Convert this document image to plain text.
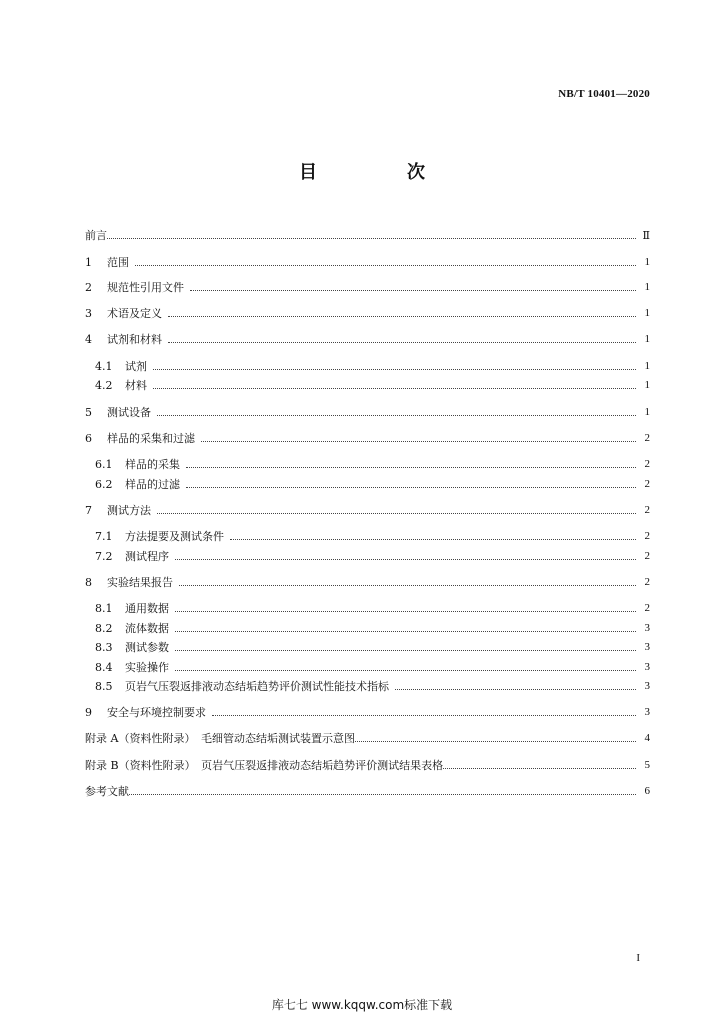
NB/T 10401—2020
目　次
前言	Ⅱ
1	范围	1
2	规范性引用文件	1
3	术语及定义	1
4	试剂和材料	1
4.1	试剂	1
4.2	材料	1
5	测试设备	1
6	样品的采集和过滤	2
6.1	样品的采集	2
6.2	样品的过滤	2
7	测试方法	2
7.1	方法提要及测试条件	2
7.2	测试程序	2
8	实验结果报告	2
8.1	通用数据	2
8.2	流体数据	3
8.3	测试参数	3
8.4	实验操作	3
8.5	页岩气压裂返排液动态结垢趋势评价测试性能技术指标	3
9	安全与环境控制要求	3
附录 A（资料性附录）　毛细管动态结垢测试装置示意图	4
附录 B（资料性附录）　页岩气压裂返排液动态结垢趋势评价测试结果表格	5
参考文献	6
I
库七七 www.kqqw.com标准下载
